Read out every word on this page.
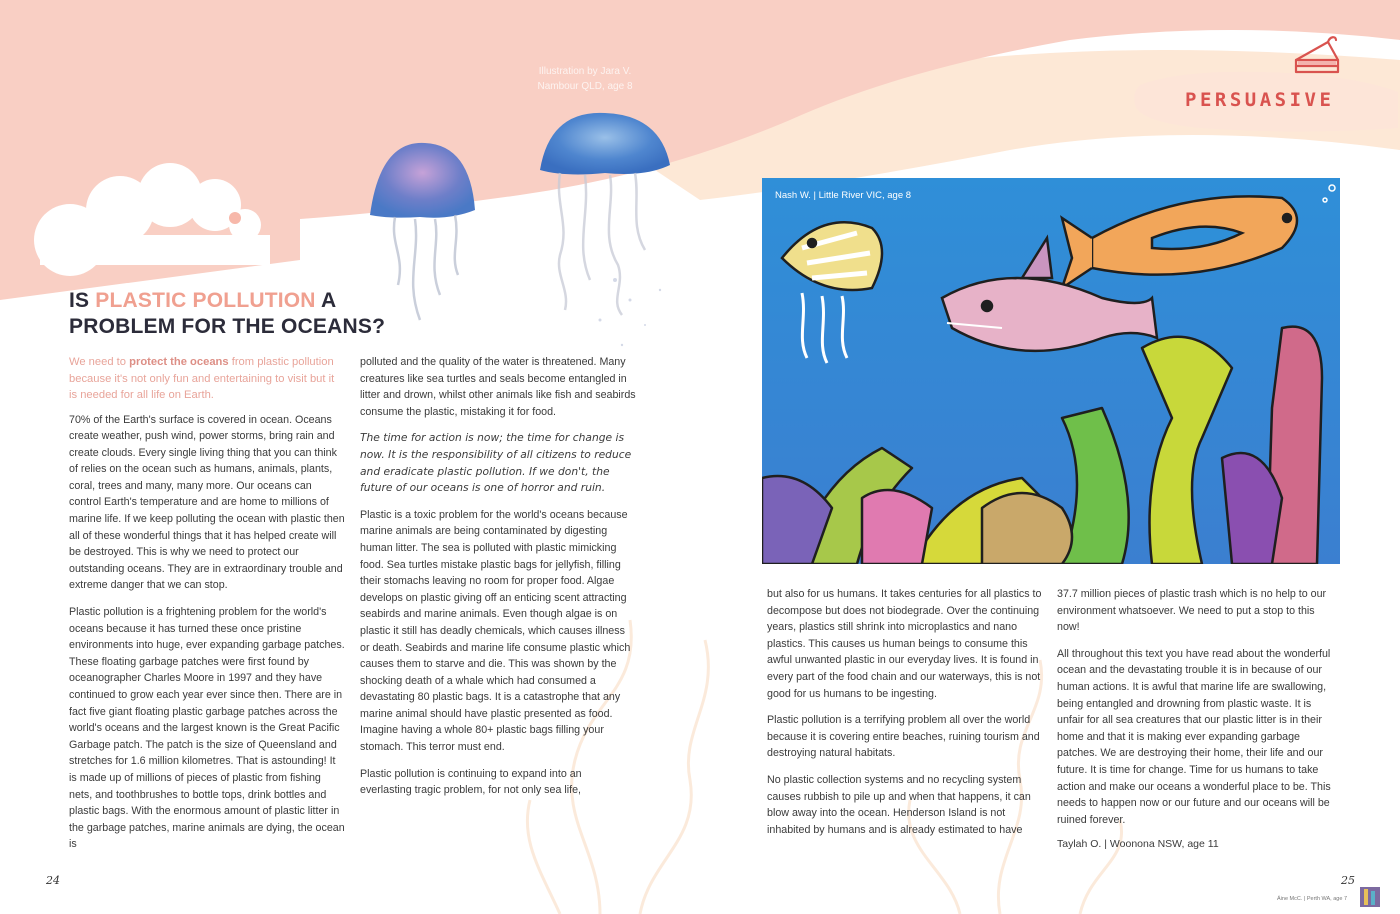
Illustration by Jara V.
Nambour QLD, age 8
PERSUASIVE
IS PLASTIC POLLUTION A
PROBLEM FOR THE OCEANS?

We need to protect the oceans from plastic pollution because it's not only fun and entertaining to visit but it is needed for all life on Earth.

70% of the Earth's surface is covered in ocean. Oceans create weather, push wind, power storms, bring rain and create clouds. Every single living thing that you can think of relies on the ocean such as humans, animals, plants, coral, trees and many, many more. Our oceans can control Earth's temperature and are home to millions of marine life. If we keep polluting the ocean with plastic then all of these wonderful things that it has helped create will be destroyed. This is why we need to protect our outstanding oceans. They are in extraordinary trouble and extreme danger that we can stop.

Plastic pollution is a frightening problem for the world's oceans because it has turned these once pristine environments into huge, ever expanding garbage patches. These floating garbage patches were first found by oceanographer Charles Moore in 1997 and they have continued to grow each year ever since then. There are in fact five giant floating plastic garbage patches across the world's oceans and the largest known is the Great Pacific Garbage patch. The patch is the size of Queensland and stretches for 1.6 million kilometres. That is astounding! It is made up of millions of pieces of plastic from fishing nets, and toothbrushes to bottle tops, drink bottles and plastic bags. With the enormous amount of plastic litter in the garbage patches, marine animals are dying, the ocean is

polluted and the quality of the water is threatened. Many creatures like sea turtles and seals become entangled in litter and drown, whilst other animals like fish and seabirds consume the plastic, mistaking it for food.

The time for action is now; the time for change is now. It is the responsibility of all citizens to reduce and eradicate plastic pollution. If we don't, the future of our oceans is one of horror and ruin.

Plastic is a toxic problem for the world's oceans because marine animals are being contaminated by digesting human litter. The sea is polluted with plastic mimicking food. Sea turtles mistake plastic bags for jellyfish, filling their stomachs leaving no room for proper food. Algae develops on plastic giving off an enticing scent attracting seabirds and marine animals. Even though algae is on plastic it still has deadly chemicals, which causes illness or death. Seabirds and marine life consume plastic which causes them to starve and die. This was shown by the shocking death of a whale which had consumed a devastating 80 plastic bags. It is a catastrophe that any marine animal should have plastic presented as food. Imagine having a whole 80+ plastic bags filling your stomach. This terror must end.

Plastic pollution is continuing to expand into an everlasting tragic problem, for not only sea life,

Nash W. | Little River VIC, age 8

but also for us humans. It takes centuries for all plastics to decompose but does not biodegrade. Over the continuing years, plastics still shrink into microplastics and nano plastics. This causes us human beings to consume this awful unwanted plastic in our everyday lives. It is found in every part of the food chain and our waterways, this is not good for us humans to be ingesting.

Plastic pollution is a terrifying problem all over the world because it is covering entire beaches, ruining tourism and destroying natural habitats.

No plastic collection systems and no recycling system causes rubbish to pile up and when that happens, it can blow away into the ocean. Henderson Island is not inhabited by humans and is already estimated to have

37.7 million pieces of plastic trash which is no help to our environment whatsoever. We need to put a stop to this now!

All throughout this text you have read about the wonderful ocean and the devastating trouble it is in because of our human actions. It is awful that marine life are swallowing, being entangled and drowning from plastic waste. It is unfair for all sea creatures that our plastic litter is in their home and that it is making ever expanding garbage patches. We are destroying their home, their life and our future. It is time for change. Time for us humans to take action and make our oceans a wonderful place to be. This needs to happen now or our future and our oceans will be ruined forever.

Taylah O. | Woonona NSW, age 11
24	25
Áine McC. | Perth WA, age 7
